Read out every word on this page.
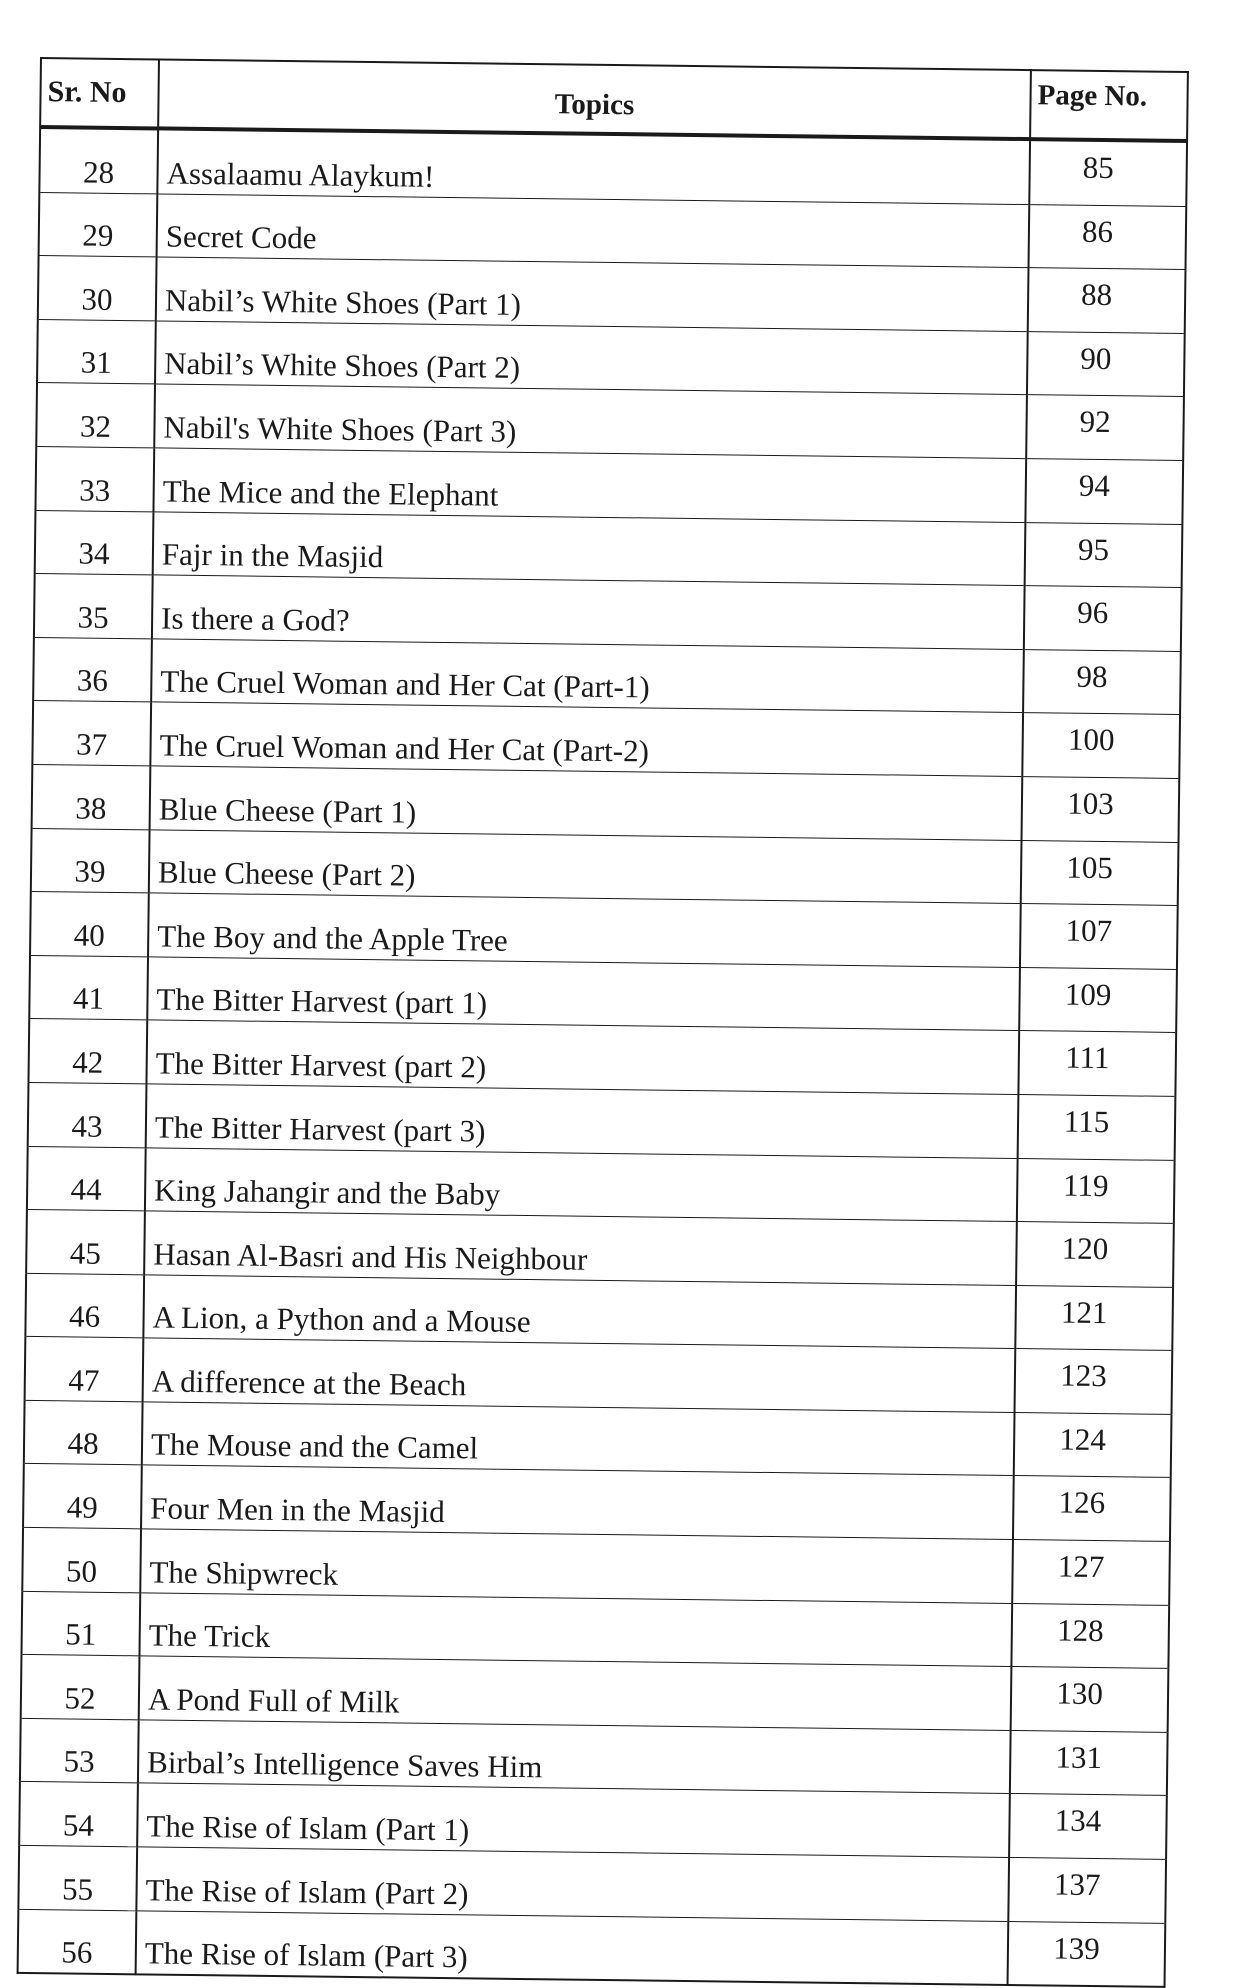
Sr. No	Topics	Page No.
28	Assalaamu Alaykum!	85
29	Secret Code	86
30	Nabil’s White Shoes (Part 1)	88
31	Nabil’s White Shoes (Part 2)	90
32	Nabil's White Shoes (Part 3)	92
33	The Mice and the Elephant	94
34	Fajr in the Masjid	95
35	Is there a God?	96
36	The Cruel Woman and Her Cat (Part-1)	98
37	The Cruel Woman and Her Cat (Part-2)	100
38	Blue Cheese (Part 1)	103
39	Blue Cheese (Part 2)	105
40	The Boy and the Apple Tree	107
41	The Bitter Harvest (part 1)	109
42	The Bitter Harvest (part 2)	111
43	The Bitter Harvest (part 3)	115
44	King Jahangir and the Baby	119
45	Hasan Al-Basri and His Neighbour	120
46	A Lion, a Python and a Mouse	121
47	A difference at the Beach	123
48	The Mouse and the Camel	124
49	Four Men in the Masjid	126
50	The Shipwreck	127
51	The Trick	128
52	A Pond Full of Milk	130
53	Birbal’s Intelligence Saves Him	131
54	The Rise of Islam (Part 1)	134
55	The Rise of Islam (Part 2)	137
56	The Rise of Islam (Part 3)	139
